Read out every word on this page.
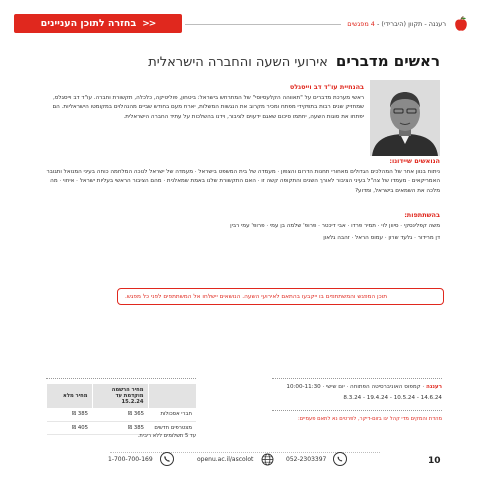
בחזרה לתוכן העניינים >>	רעננה - תקוון (היברידי) - 4 מפגשים
ראשים מדברים
אירועי השעה והחברה הישראלית
בהנחיית עו"ד דב וייסגלס
ראשי מערכת מדברים על "תאווהה הקלעסיוסי" של המתרחש בישראל: ביטחון, פוליטיקה, כלכלה, תקשורת וחברה. עו"ד דב וייסגלס, שמחזיק שנים רבות בתפקידי מפתח ומכיר מקרוב את הנגשות המשלות, יארח מעם בחודש שביים מהנהלוים במקומטו הישראליות. הם יפתחו את סוגות השעה, יחתמו סיכום שאגם ידעוים לציבור, וידנו בהשלכות על עתיד החברה הישראלית.
הנואשים שיידונו:
ניתוח בנוון אחר של המהלכים הגדולים מאחורי תחנות הדרום והצפון · מעמדה של בית המשפט בישראל · מעמדה של ישראל לנוכה המלחמה כוחה בעיני המנואל ותגובר האמריקאים · מעמדו של צה"ל בעיני הציבור לאורך השנים והתקופה קשה זו · האם התקשורת שלנו באמת שמאלנית · מהם הציבור הראשי בעליות ישראל · איחוי · מה מלכה את השמאים בישראל, ומדוע?
בהשתתפות:
משה קפלינסקי · סיוון לוי · תמיר פרדו · אבי דיכטר · פרופ' שלמה בן עמי · פרופ' עמי רבין
דן מרידור · גלעד שרון · עמוס הראל · זהבה גלאון
תוכן המפגש והמשתתפים בו ייקבעו בהתאם לאירועי השעה. הנושאים יישלחו אל המשתתפים לפני כל מפגש.
רעננה · קמפוס האוניברסיטה הפתוחה · יום שישי · 10:00-11:30
14.6.24 - 10.5.24 - 19.4.24 - 8.3.24
מהדת והמקים מדי קהל יגו בזום-דיקר, לפרטים נא לתאם פעמיים:
	מחיר הרשמה מוקדמת עד 15.2.24	מחיר מלא
חברי אסכולות	365 ₪	385 ₪
מצטרפים חדשים	385 ₪	405 ₪
עד 5 תשלומים ללא ריבית.
10
052-2303397
openu.ac.il/ascolot
1-700-700-169
